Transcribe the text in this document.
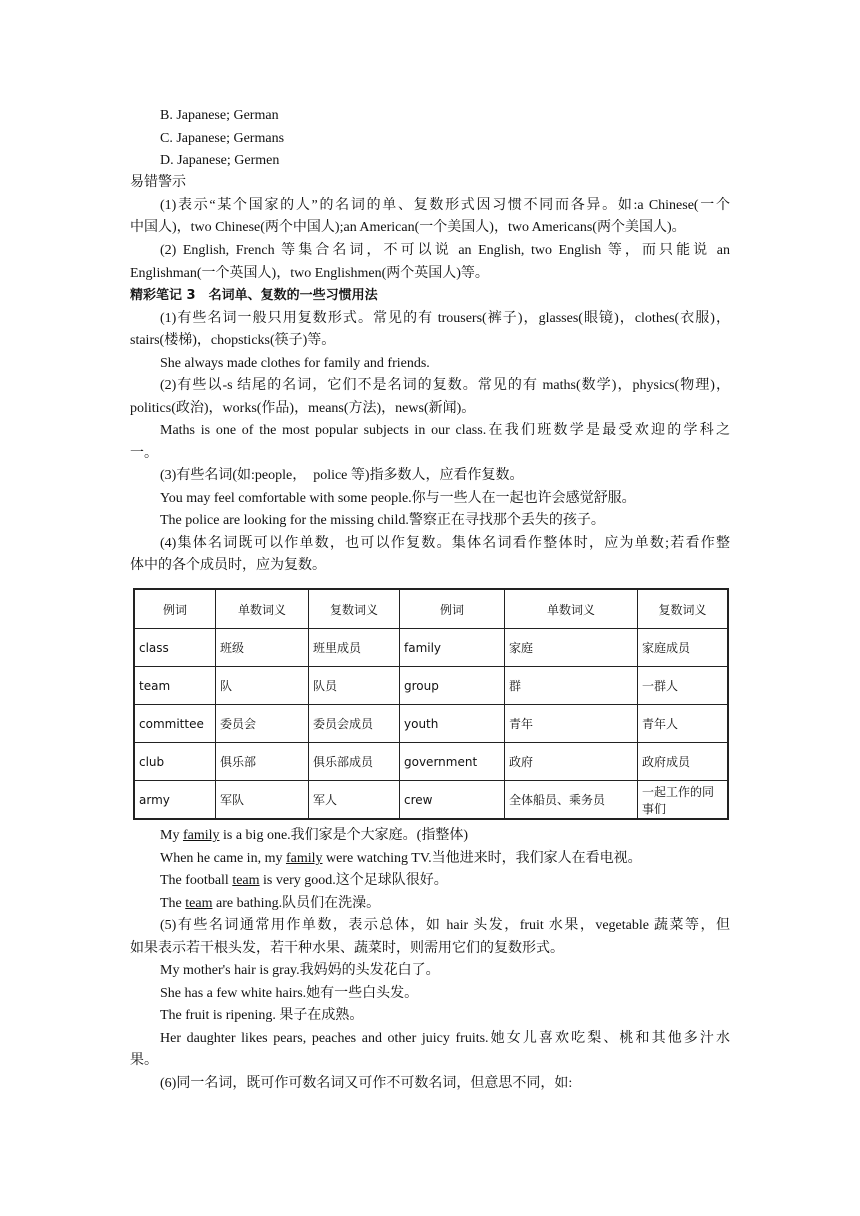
B. Japanese; German
C. Japanese; Germans
D. Japanese; Germen
易错警示
(1)表示“某个国家的人”的名词的单、复数形式因习惯不同而各异。如:a Chinese(一个
中国人)，two Chinese(两个中国人);an American(一个美国人)，two Americans(两个美国人)。
(2) English, French 等集合名词，不可以说 an English, two English 等，而只能说 an
Englishman(一个英国人)，two Englishmen(两个英国人)等。
精彩笔记 3　名词单、复数的一些习惯用法
(1)有些名词一般只用复数形式。常见的有 trousers(裤子)，glasses(眼镜)，clothes(衣服)，
stairs(楼梯)，chopsticks(筷子)等。
She always made clothes for family and friends.
(2)有些以-s 结尾的名词，它们不是名词的复数。常见的有 maths(数学)，physics(物理)，
politics(政治)，works(作品)，means(方法)，news(新闻)。
Maths is one of the most popular subjects in our class.在我们班数学是最受欢迎的学科之
一。
(3)有些名词(如:people，　police 等)指多数人，应看作复数。
You may feel comfortable with some people.你与一些人在一起也许会感觉舒服。
The police are looking for the missing child.警察正在寻找那个丢失的孩子。
(4)集体名词既可以作单数，也可以作复数。集体名词看作整体时，应为单数;若看作整
体中的各个成员时，应为复数。
例词	单数词义	复数词义	例词	单数词义	复数词义
class	班级	班里成员	family	家庭	家庭成员
team	队	队员	group	群	一群人
committee	委员会	委员会成员	youth	青年	青年人
club	俱乐部	俱乐部成员	government	政府	政府成员
army	军队	军人	crew	全体船员、乘务员	一起工作的同事们
My family is a big one.我们家是个大家庭。(指整体)
When he came in, my family were watching TV.当他进来时，我们家人在看电视。
The football team is very good.这个足球队很好。
The team are bathing.队员们在洗澡。
(5)有些名词通常用作单数，表示总体，如 hair 头发，fruit 水果，vegetable 蔬菜等，但
如果表示若干根头发，若干种水果、蔬菜时，则需用它们的复数形式。
My mother's hair is gray.我妈妈的头发花白了。
She has a few white hairs.她有一些白头发。
The fruit is ripening. 果子在成熟。
Her daughter likes pears, peaches and other juicy fruits.她女儿喜欢吃梨、桃和其他多汁水
果。
(6)同一名词，既可作可数名词又可作不可数名词，但意思不同，如:
